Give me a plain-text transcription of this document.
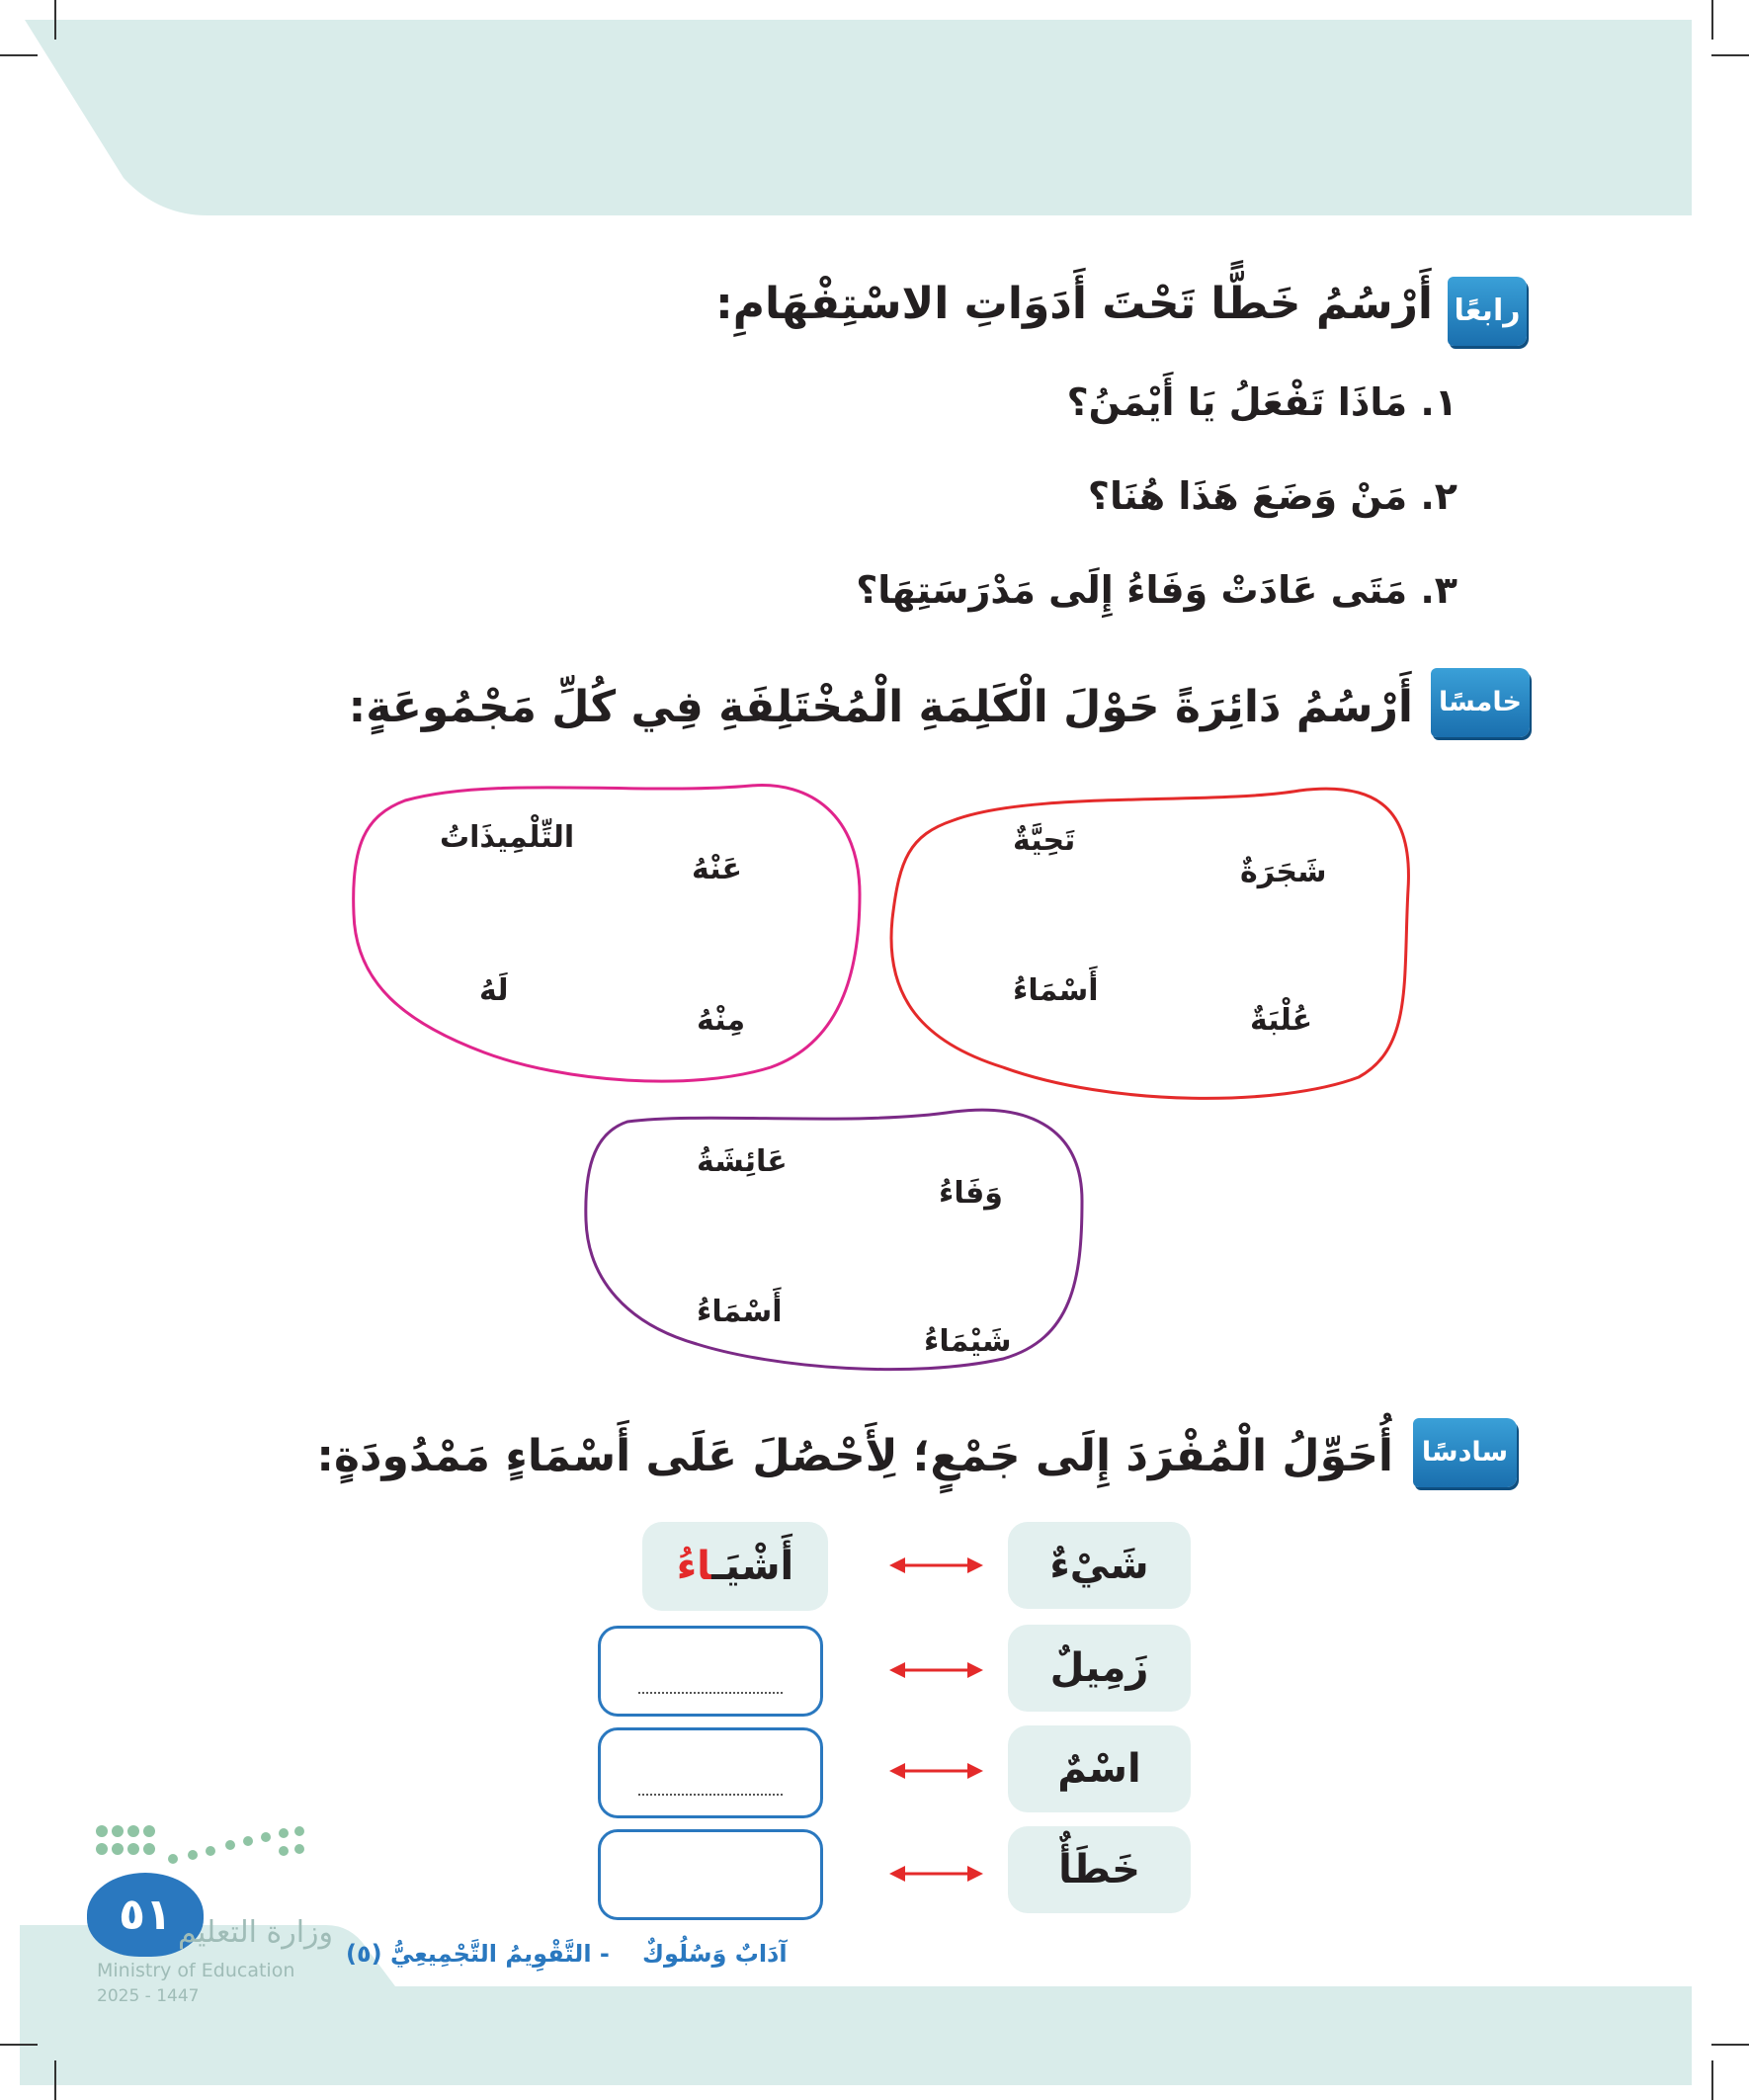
رابعًا
أَرْسُمُ خَطًّا تَحْتَ أَدَوَاتِ الاسْتِفْهَامِ:
١. مَاذَا تَفْعَلُ يَا أَيْمَنُ؟
٢. مَنْ وَضَعَ هَذَا هُنَا؟
٣. مَتَى عَادَتْ وَفَاءُ إِلَى مَدْرَسَتِهَا؟
خامسًا
أَرْسُمُ دَائِرَةً حَوْلَ الْكَلِمَةِ الْمُخْتَلِفَةِ فِي كُلِّ مَجْمُوعَةٍ:
تَحِيَّةٌ
شَجَرَةٌ
أَسْمَاءُ
عُلْبَةٌ
التِّلْمِيذَاتُ
عَنْهُ
لَهُ
مِنْهُ
عَائِشَةُ
وَفَاءُ
أَسْمَاءُ
شَيْمَاءُ
سادسًا
أُحَوِّلُ الْمُفْرَدَ إِلَى جَمْعٍ؛ لِأَحْصُلَ عَلَى أَسْمَاءٍ مَمْدُودَةٍ:
شَيْءٌ
أَشْيَـاءُ
زَمِيلٌ
اسْمٌ
خَطَأٌ
٥١ وزارة التعليم
Ministry of Education
2025 - 1447
آدَابٌ وَسُلُوكٌ
- التَّقْوِيمُ التَّجْمِيعِيُّ (٥)
